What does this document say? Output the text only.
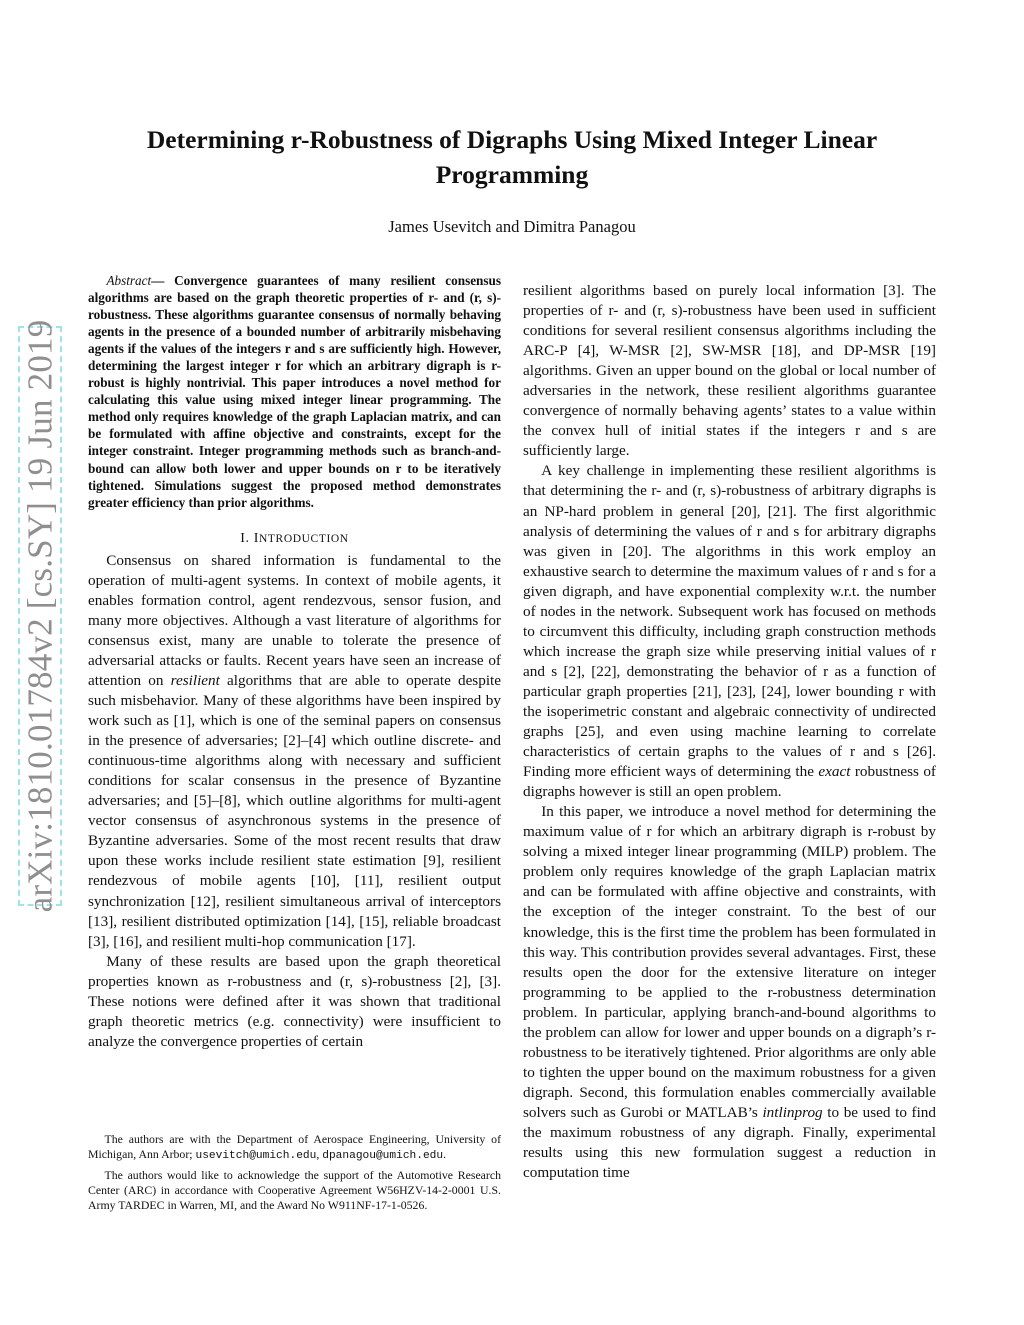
Determining r-Robustness of Digraphs Using Mixed Integer Linear
Programming
James Usevitch and Dimitra Panagou
arXiv:1810.01784v2 [cs.SY] 19 Jun 2019

Abstract— Convergence guarantees of many resilient consensus algorithms are based on the graph theoretic properties of r- and (r, s)-robustness. These algorithms guarantee consensus of normally behaving agents in the presence of a bounded number of arbitrarily misbehaving agents if the values of the integers r and s are sufficiently high. However, determining the largest integer r for which an arbitrary digraph is r-robust is highly nontrivial. This paper introduces a novel method for calculating this value using mixed integer linear programming. The method only requires knowledge of the graph Laplacian matrix, and can be formulated with affine objective and constraints, except for the integer constraint. Integer programming methods such as branch-and-bound can allow both lower and upper bounds on r to be iteratively tightened. Simulations suggest the proposed method demonstrates greater efficiency than prior algorithms.

I. INTRODUCTION

Consensus on shared information is fundamental to the operation of multi-agent systems. In context of mobile agents, it enables formation control, agent rendezvous, sensor fusion, and many more objectives. Although a vast literature of algorithms for consensus exist, many are unable to tolerate the presence of adversarial attacks or faults. Recent years have seen an increase of attention on resilient algorithms that are able to operate despite such misbehavior. Many of these algorithms have been inspired by work such as [1], which is one of the seminal papers on consensus in the presence of adversaries; [2]–[4] which outline discrete- and continuous-time algorithms along with necessary and sufficient conditions for scalar consensus in the presence of Byzantine adversaries; and [5]–[8], which outline algorithms for multi-agent vector consensus of asynchronous systems in the presence of Byzantine adversaries. Some of the most recent results that draw upon these works include resilient state estimation [9], resilient rendezvous of mobile agents [10], [11], resilient output synchronization [12], resilient simultaneous arrival of interceptors [13], resilient distributed optimization [14], [15], reliable broadcast [3], [16], and resilient multi-hop communication [17].

Many of these results are based upon the graph theoretical properties known as r-robustness and (r, s)-robustness [2], [3]. These notions were defined after it was shown that traditional graph theoretic metrics (e.g. connectivity) were insufficient to analyze the convergence properties of certain

The authors are with the Department of Aerospace Engineering, University of Michigan, Ann Arbor; usevitch@umich.edu, dpanagou@umich.edu.

The authors would like to acknowledge the support of the Automotive Research Center (ARC) in accordance with Cooperative Agreement W56HZV-14-2-0001 U.S. Army TARDEC in Warren, MI, and the Award No W911NF-17-1-0526.

resilient algorithms based on purely local information [3]. The properties of r- and (r, s)-robustness have been used in sufficient conditions for several resilient consensus algorithms including the ARC-P [4], W-MSR [2], SW-MSR [18], and DP-MSR [19] algorithms. Given an upper bound on the global or local number of adversaries in the network, these resilient algorithms guarantee convergence of normally behaving agents’ states to a value within the convex hull of initial states if the integers r and s are sufficiently large.

A key challenge in implementing these resilient algorithms is that determining the r- and (r, s)-robustness of arbitrary digraphs is an NP-hard problem in general [20], [21]. The first algorithmic analysis of determining the values of r and s for arbitrary digraphs was given in [20]. The algorithms in this work employ an exhaustive search to determine the maximum values of r and s for a given digraph, and have exponential complexity w.r.t. the number of nodes in the network. Subsequent work has focused on methods to circumvent this difficulty, including graph construction methods which increase the graph size while preserving initial values of r and s [2], [22], demonstrating the behavior of r as a function of particular graph properties [21], [23], [24], lower bounding r with the isoperimetric constant and algebraic connectivity of undirected graphs [25], and even using machine learning to correlate characteristics of certain graphs to the values of r and s [26]. Finding more efficient ways of determining the exact robustness of digraphs however is still an open problem.

In this paper, we introduce a novel method for determining the maximum value of r for which an arbitrary digraph is r-robust by solving a mixed integer linear programming (MILP) problem. The problem only requires knowledge of the graph Laplacian matrix and can be formulated with affine objective and constraints, with the exception of the integer constraint. To the best of our knowledge, this is the first time the problem has been formulated in this way. This contribution provides several advantages. First, these results open the door for the extensive literature on integer programming to be applied to the r-robustness determination problem. In particular, applying branch-and-bound algorithms to the problem can allow for lower and upper bounds on a digraph’s r-robustness to be iteratively tightened. Prior algorithms are only able to tighten the upper bound on the maximum robustness for a given digraph. Second, this formulation enables commercially available solvers such as Gurobi or MATLAB’s intlinprog to be used to find the maximum robustness of any digraph. Finally, experimental results using this new formulation suggest a reduction in computation time
